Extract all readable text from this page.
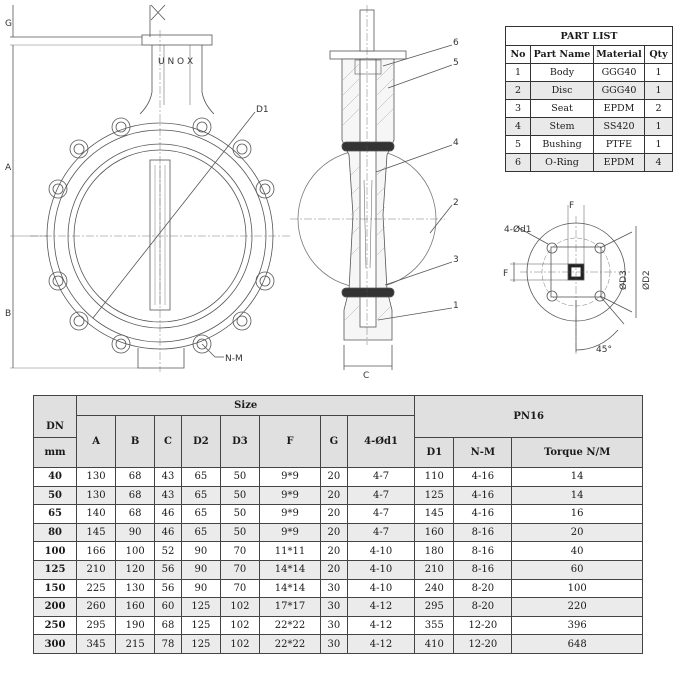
G
A
B
D1
N-M
U N O X
C
6
5
4
2
3
1
F
F
4-Ød1
ØD3 ØD2
45°
PART LIST			
No	Part Name	Material	Qty
1	Body	GGG40	1
2	Disc	GGG40	1
3	Seat	EPDM	2
4	Stem	SS420	1
5	Bushing	PTFE	1
6	O-Ring	EPDM	4
	Size								PN16		
DN	A	B	C	D2	D3	F	G	4-Ød1			
mm									D1	N-M	Torque N/M
40	130	68	43	65	50	9*9	20	4-7	110	4-16	14
50	130	68	43	65	50	9*9	20	4-7	125	4-16	14
65	140	68	46	65	50	9*9	20	4-7	145	4-16	16
80	145	90	46	65	50	9*9	20	4-7	160	8-16	20
100	166	100	52	90	70	11*11	20	4-10	180	8-16	40
125	210	120	56	90	70	14*14	20	4-10	210	8-16	60
150	225	130	56	90	70	14*14	30	4-10	240	8-20	100
200	260	160	60	125	102	17*17	30	4-12	295	8-20	220
250	295	190	68	125	102	22*22	30	4-12	355	12-20	396
300	345	215	78	125	102	22*22	30	4-12	410	12-20	648
